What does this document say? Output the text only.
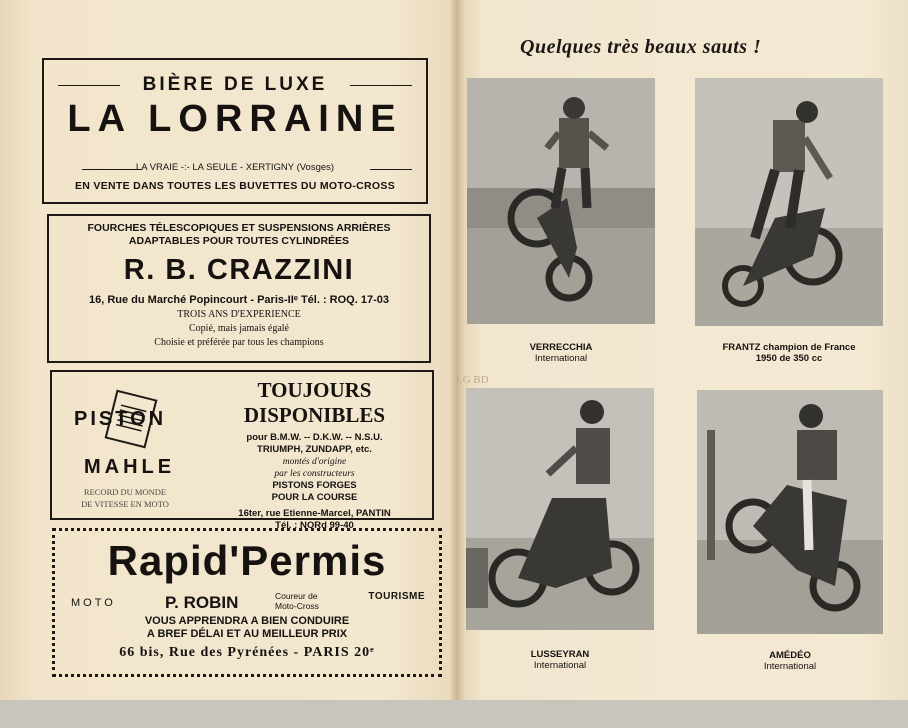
BIÈRE DE LUXE
LA LORRAINE
LA VRAIE -:- LA SEULE - XERTIGNY (Vosges)
EN VENTE DANS TOUTES LES BUVETTES DU MOTO-CROSS
FOURCHES TÉLESCOPIQUES ET SUSPENSIONS ARRIÈRES
ADAPTABLES POUR TOUTES CYLINDRÉES
R. B. CRAZZINI
16, Rue du Marché Popincourt - Paris-IIᵉ Tél. : ROQ. 17-03
TROIS ANS D'EXPERIENCE
Copié, mais jamais égalé
Choisie et préférée par tous les champions
PISTON
MAHLE
RECORD DU MONDE
DE VITESSE EN MOTO
TOUJOURS DISPONIBLES
pour B.M.W. -- D.K.W. -- N.S.U.
TRIUMPH, ZUNDAPP, etc.
montés d'origine
par les constructeurs
PISTONS FORGES
POUR LA COURSE
16ter, rue Etienne-Marcel, PANTIN
Tél. : NORd 99-40
Rapid'Permis
MOTO	P. ROBIN	Coureur de
Moto-Cross
TOURISME
VOUS APPRENDRA A BIEN CONDUIRE
A BREF DÉLAI ET AU MEILLEUR PRIX
66 bis, Rue des Pyrénées - PARIS 20ᵉ
Quelques très beaux sauts !
LG BD
VERRECCHIA
International
FRANTZ champion de France
1950 de 350 cc
LUSSEYRAN
International
AMÉDÉO
International
